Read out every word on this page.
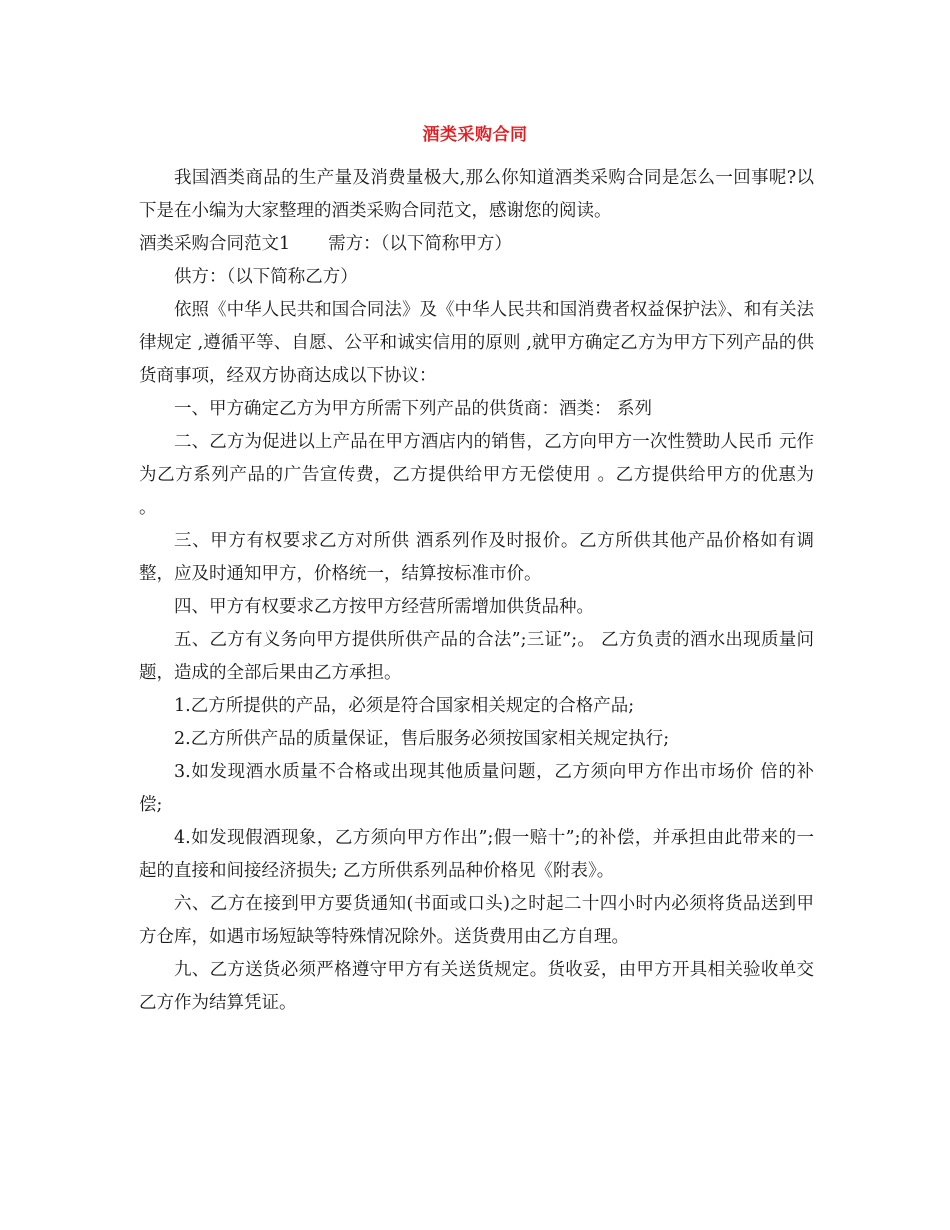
酒类采购合同

我国酒类商品的生产量及消费量极大,那么你知道酒类采购合同是怎么一回事呢?以下是在小编为大家整理的酒类采购合同范文，感谢您的阅读。

酒类采购合同范文1 需方：（以下简称甲方）

供方：（以下简称乙方）

依照《中华人民共和国合同法》及《中华人民共和国消费者权益保护法》、和有关法律规定 ,遵循平等、自愿、公平和诚实信用的原则 ,就甲方确定乙方为甲方下列产品的供货商事项，经双方协商达成以下协议：

一、甲方确定乙方为甲方所需下列产品的供货商：酒类： 系列

二、乙方为促进以上产品在甲方酒店内的销售，乙方向甲方一次性赞助人民币 元作为乙方系列产品的广告宣传费，乙方提供给甲方无偿使用 。乙方提供给甲方的优惠为 。

三、甲方有权要求乙方对所供 酒系列作及时报价。乙方所供其他产品价格如有调整，应及时通知甲方，价格统一，结算按标准市价。

四、甲方有权要求乙方按甲方经营所需增加供货品种。

五、乙方有义务向甲方提供所供产品的合法”;三证”;。 乙方负责的酒水出现质量问题，造成的全部后果由乙方承担。

1.乙方所提供的产品，必须是符合国家相关规定的合格产品;

2.乙方所供产品的质量保证，售后服务必须按国家相关规定执行;

3.如发现酒水质量不合格或出现其他质量问题，乙方须向甲方作出市场价 倍的补偿;

4.如发现假酒现象，乙方须向甲方作出”;假一赔十”;的补偿，并承担由此带来的一起的直接和间接经济损失; 乙方所供系列品种价格见《附表》。

六、乙方在接到甲方要货通知(书面或口头)之时起二十四小时内必须将货品送到甲方仓库，如遇市场短缺等特殊情况除外。送货费用由乙方自理。

九、乙方送货必须严格遵守甲方有关送货规定。货收妥，由甲方开具相关验收单交乙方作为结算凭证。
